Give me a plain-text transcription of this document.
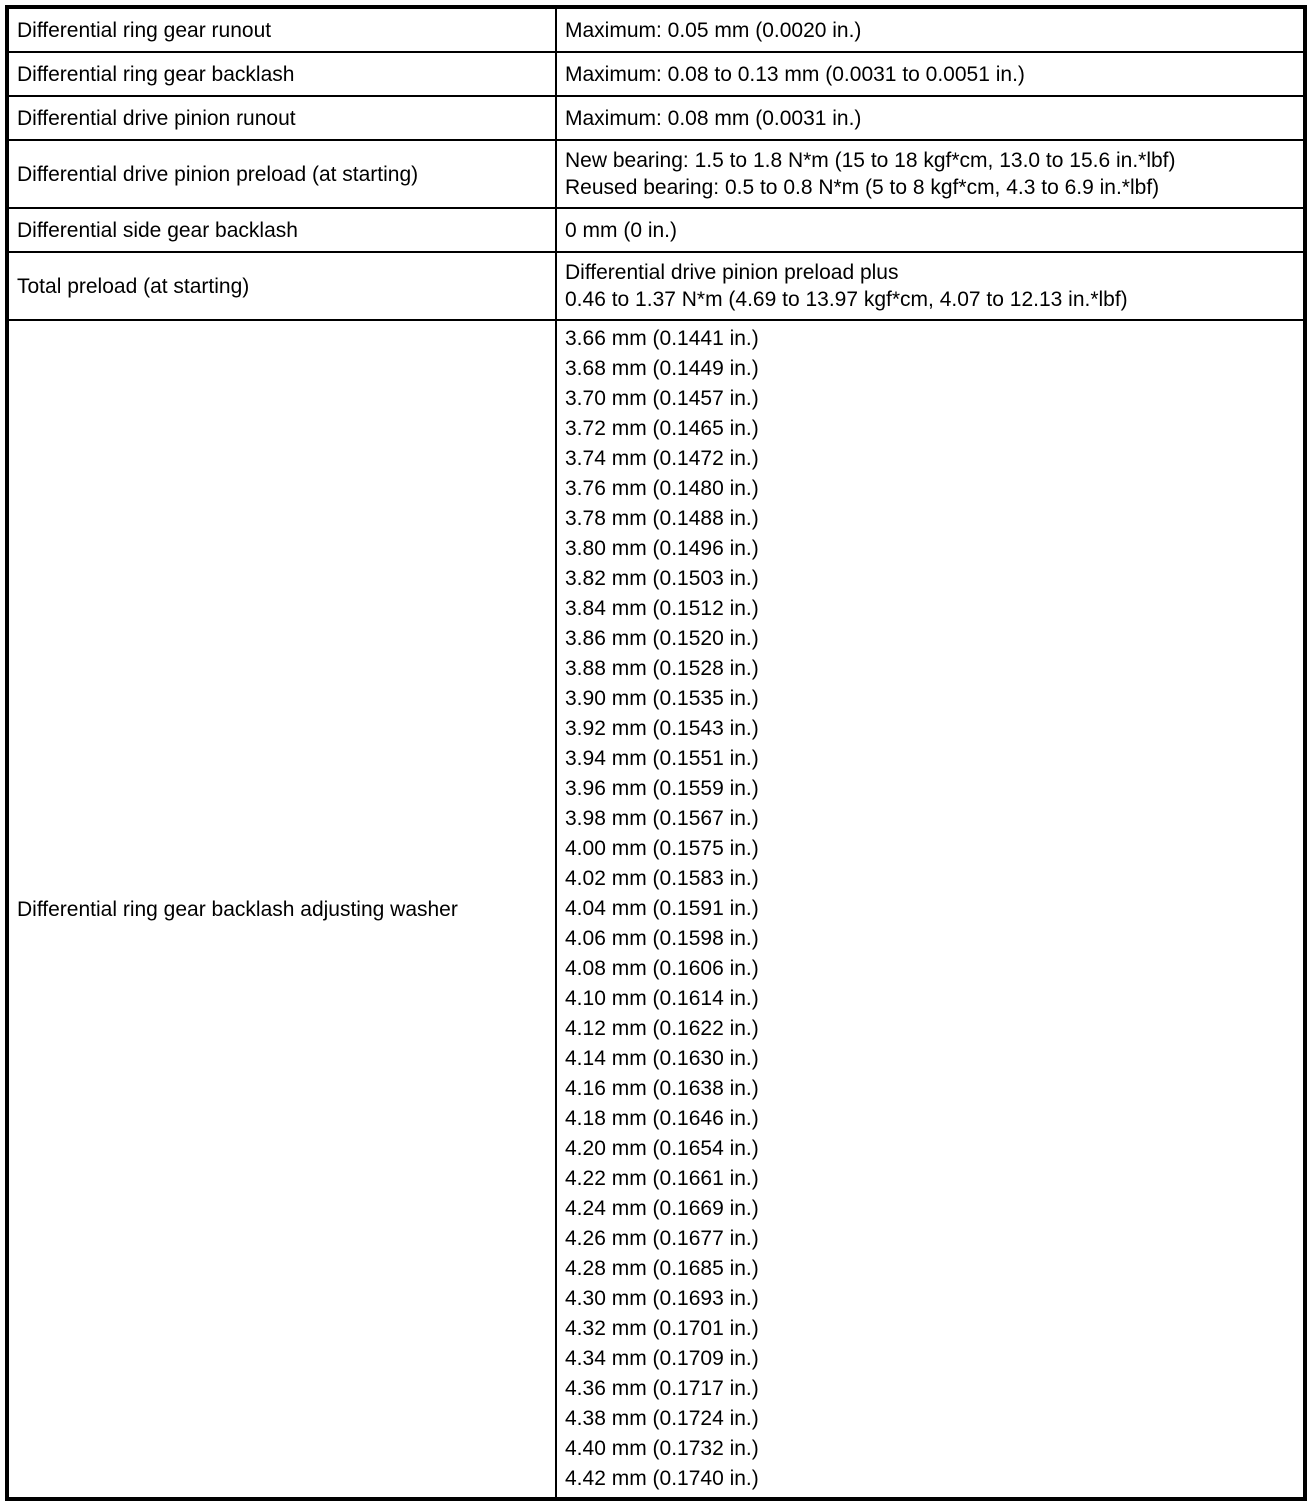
Differential ring gear runout	Maximum: 0.05 mm (0.0020 in.)

Differential ring gear backlash	Maximum: 0.08 to 0.13 mm (0.0031 to 0.0051 in.)

Differential drive pinion runout	Maximum: 0.08 mm (0.0031 in.)

Differential drive pinion preload (at starting)	New bearing: 1.5 to 1.8 N*m (15 to 18 kgf*cm, 13.0 to 15.6 in.*lbf)
Reused bearing: 0.5 to 0.8 N*m (5 to 8 kgf*cm, 4.3 to 6.9 in.*lbf)

Differential side gear backlash	0 mm (0 in.)

Total preload (at starting)	Differential drive pinion preload plus
0.46 to 1.37 N*m (4.69 to 13.97 kgf*cm, 4.07 to 12.13 in.*lbf)

Differential ring gear backlash adjusting washer	
3.66 mm (0.1441 in.)
3.68 mm (0.1449 in.)
3.70 mm (0.1457 in.)
3.72 mm (0.1465 in.)
3.74 mm (0.1472 in.)
3.76 mm (0.1480 in.)
3.78 mm (0.1488 in.)
3.80 mm (0.1496 in.)
3.82 mm (0.1503 in.)
3.84 mm (0.1512 in.)
3.86 mm (0.1520 in.)
3.88 mm (0.1528 in.)
3.90 mm (0.1535 in.)
3.92 mm (0.1543 in.)
3.94 mm (0.1551 in.)
3.96 mm (0.1559 in.)
3.98 mm (0.1567 in.)
4.00 mm (0.1575 in.)
4.02 mm (0.1583 in.)
4.04 mm (0.1591 in.)
4.06 mm (0.1598 in.)
4.08 mm (0.1606 in.)
4.10 mm (0.1614 in.)
4.12 mm (0.1622 in.)
4.14 mm (0.1630 in.)
4.16 mm (0.1638 in.)
4.18 mm (0.1646 in.)
4.20 mm (0.1654 in.)
4.22 mm (0.1661 in.)
4.24 mm (0.1669 in.)
4.26 mm (0.1677 in.)
4.28 mm (0.1685 in.)
4.30 mm (0.1693 in.)
4.32 mm (0.1701 in.)
4.34 mm (0.1709 in.)
4.36 mm (0.1717 in.)
4.38 mm (0.1724 in.)
4.40 mm (0.1732 in.)
4.42 mm (0.1740 in.)
